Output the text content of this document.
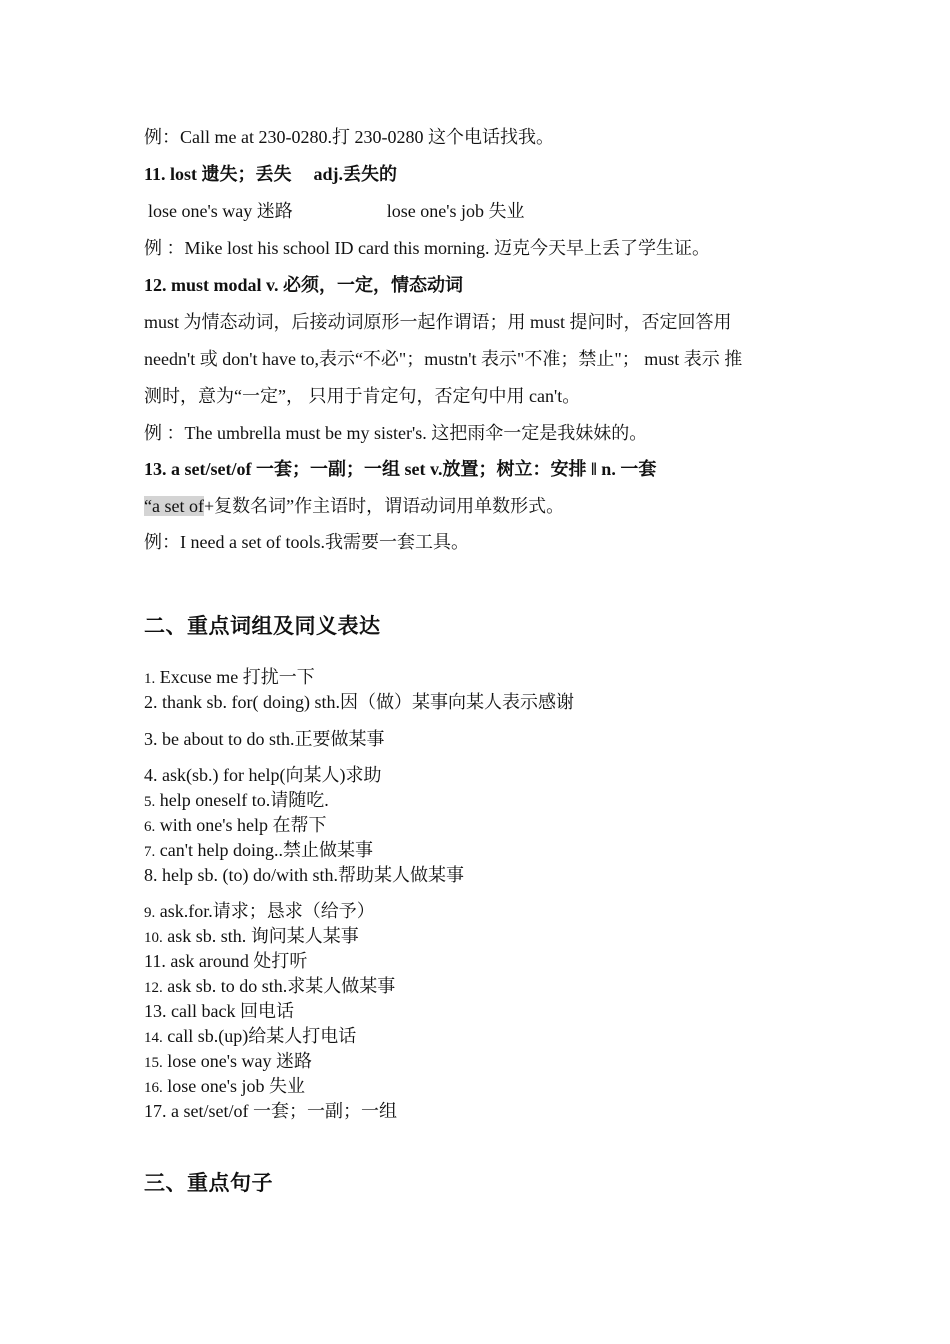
例：Call me at 230-0280.打 230-0280 这个电话找我。
11. lost 遗失；丢失 adj.丢失的
lose one's way 迷路	lose one's job 失业
例 ：Mike lost his school ID card this morning. 迈克今天早上丢了学生证。
12. must modal v. 必须，一定，情态动词
must 为情态动词，后接动词原形一起作谓语；用 must 提问时，否定回答用
needn't 或 don't have to,表示“不必"；mustn't 表示"不准；禁止"； must 表示 推
测时，意为“一定”， 只用于肯定句，否定句中用 can't。
例 ：The umbrella must be my sister's. 这把雨伞一定是我妹妹的。
13. a set/set/of 一套；一副；一组 set v.放置；树立：安排 ‖ n. 一套
“a set of+复数名词”作主语时，谓语动词用单数形式。
例：I need a set of tools.我需要一套工具。
二、重点词组及同义表达
1. Excuse me 打扰一下
2. thank sb. for( doing) sth.因（做）某事向某人表示感谢
3. be about to do sth.正要做某事
4. ask(sb.) for help(向某人)求助
5. help oneself to.请随吃.
6. with one's help 在帮下
7. can't help doing..禁止做某事
8. help sb. (to) do/with sth.帮助某人做某事
9. ask.for.请求；恳求（给予）
10. ask sb. sth. 询问某人某事
11. ask around 处打听
12. ask sb. to do sth.求某人做某事
13. call back 回电话
14. call sb.(up)给某人打电话
15. lose one's way 迷路
16. lose one's job 失业
17. a set/set/of 一套；一副；一组
三、重点句子
